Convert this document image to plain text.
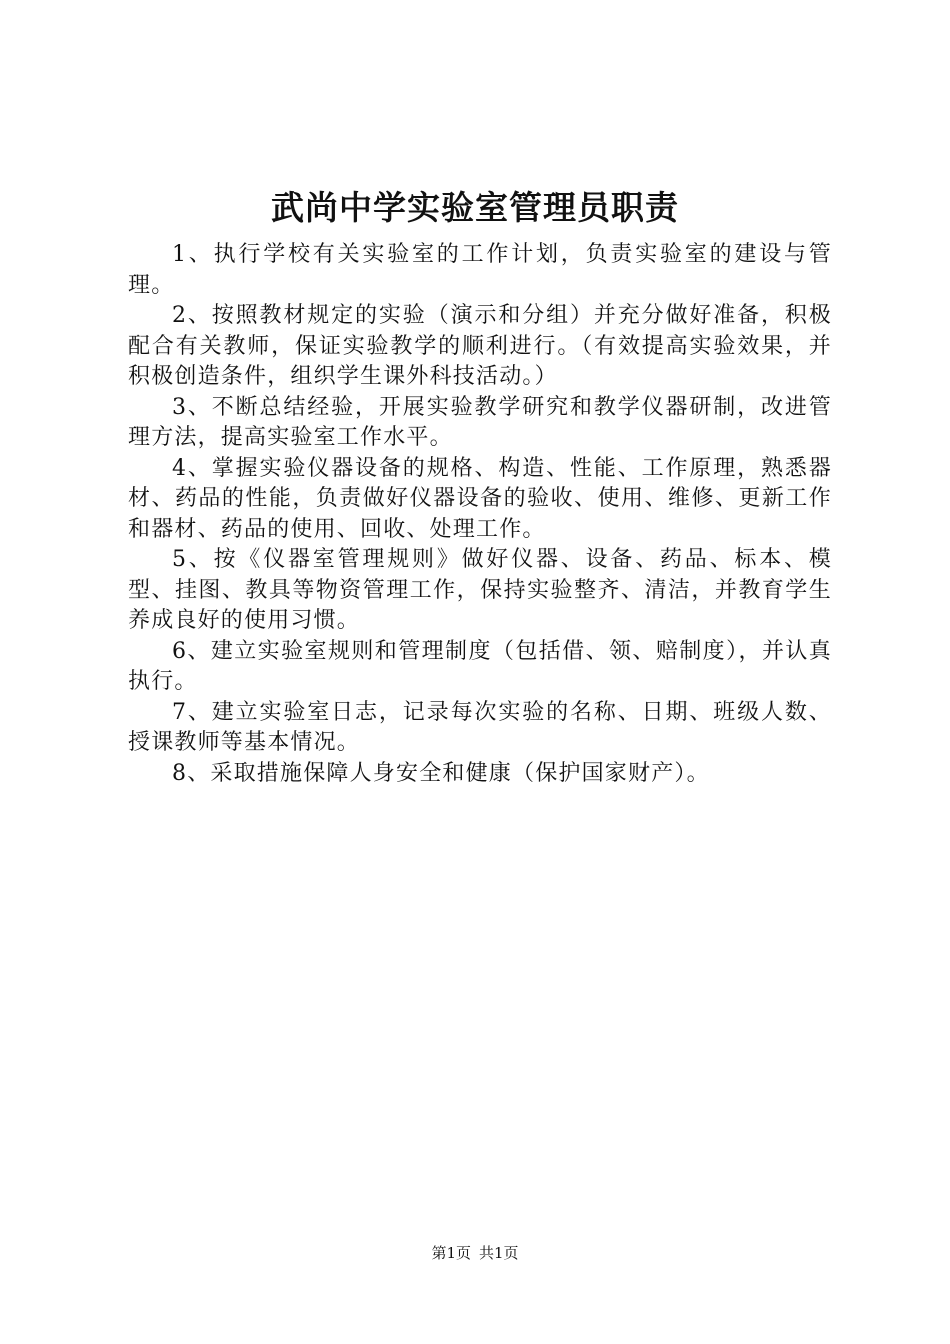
武尚中学实验室管理员职责

1、执行学校有关实验室的工作计划，负责实验室的建设与管理。

2、按照教材规定的实验（演示和分组）并充分做好准备，积极配合有关教师，保证实验教学的顺利进行。（有效提高实验效果，并积极创造条件，组织学生课外科技活动。）

3、不断总结经验，开展实验教学研究和教学仪器研制，改进管理方法，提高实验室工作水平。

4、掌握实验仪器设备的规格、构造、性能、工作原理，熟悉器材、药品的性能，负责做好仪器设备的验收、使用、维修、更新工作和器材、药品的使用、回收、处理工作。

5、按《仪器室管理规则》做好仪器、设备、药品、标本、模型、挂图、教具等物资管理工作，保持实验整齐、清洁，并教育学生养成良好的使用习惯。

6、建立实验室规则和管理制度（包括借、领、赔制度），并认真执行。

7、建立实验室日志，记录每次实验的名称、日期、班级人数、授课教师等基本情况。

8、采取措施保障人身安全和健康（保护国家财产）。

第1页 共1页
